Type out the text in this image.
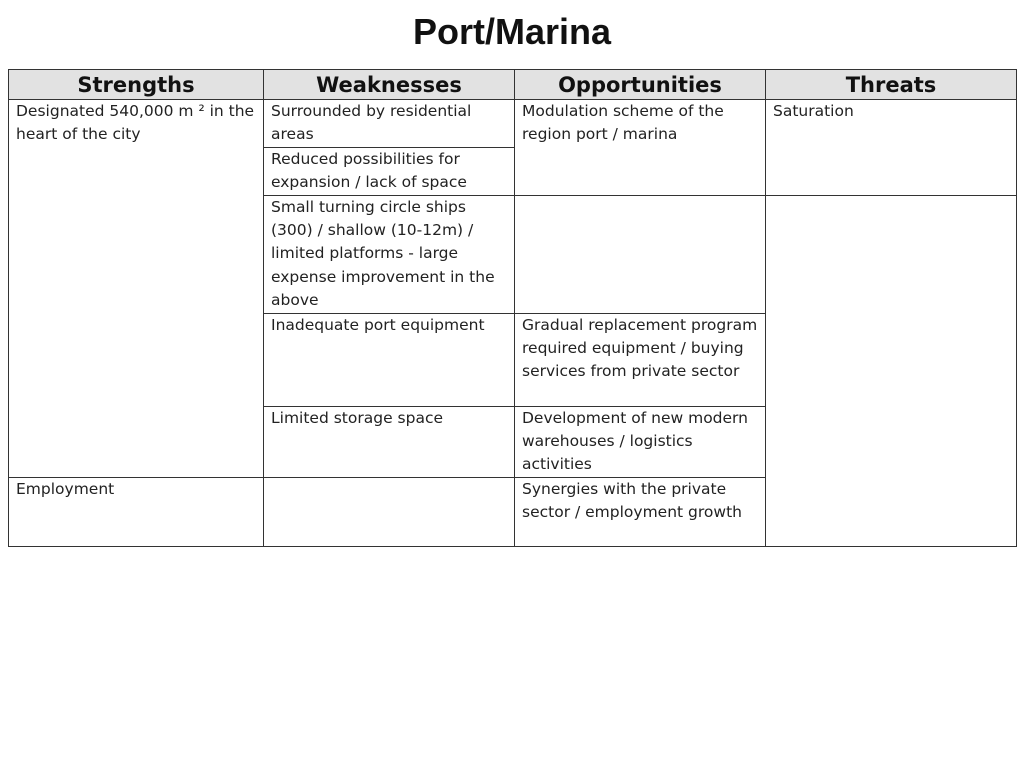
Port/Marina
Strengths	Weaknesses	Opportunities	Threats
Designated 540,000 m ² in the heart of the city	Surrounded by residential areas	Modulation scheme of the region port / marina	Saturation
	Reduced possibilities for expansion / lack of space		
	Small turning circle ships (300) / shallow (10-12m) / limited platforms - large expense improvement in the above		
	Inadequate port equipment	Gradual replacement program required equipment / buying services from private sector	
	Limited storage space	Development of new modern warehouses / logistics activities	
Employment		Synergies with the private sector / employment growth	
